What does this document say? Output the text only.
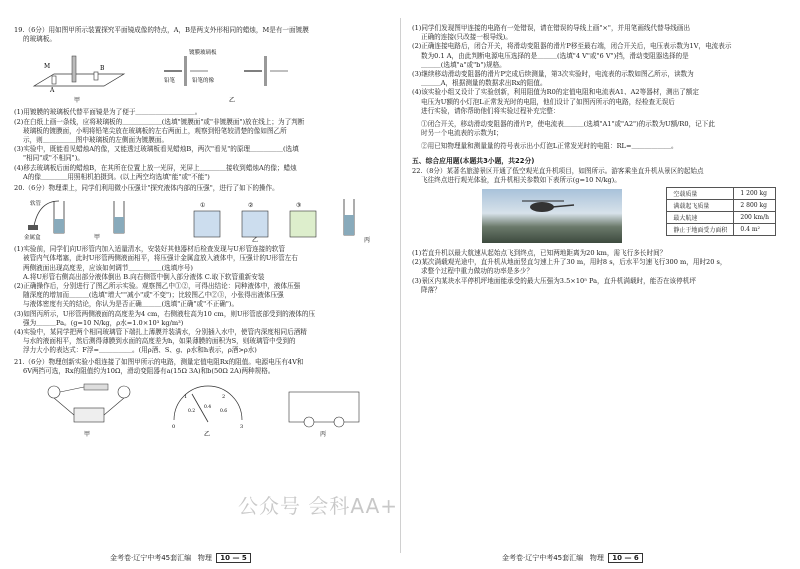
19.（6分）用如图甲所示装置探究平面镜成像的特点，A，B是两支外形相同的蜡烛，M是有一面镀膜

的玻璃板。

M
A
B
甲
镀膜玻璃板
铅笔	铅笔的像
乙

(1)用镀膜的玻璃板代替平面镜是为了便于＿＿＿＿＿＿＿＿＿。

(2)在白纸上画一条线，应将玻璃板的＿＿＿＿＿＿(选填"镀膜面"或"非镀膜面")放在线上；为了判断

玻璃板的镀膜面，小明将铅笔尖放在玻璃板的左右两面上，观察到铅笔较清楚的像如图乙所

示，则＿＿＿＿＿图中玻璃板的左侧面为镀膜面。

(3)实验中，既能看见蜡烛A的像，又能透过玻璃板看见蜡烛B，两次"看见"的原理＿＿＿＿＿(选填

"相同"或"不相同")。

(4)移去玻璃板后面的蜡烛B，在其所在位置上放一光屏，光屏上＿＿＿＿接收到蜡烛A的像；蜡烛

A的像＿＿＿＿用照相机拍摄到。(以上两空均选填"能"或"不能")

20.（6分）物理课上，同学们利用微小压强计"探究液体内部的压强"，进行了如下的操作。

软管
金属盒	甲
①	②	③
乙	丙

(1)实验前，同学们向U形管内加入适量清水，安装好其他器材后检查发现与U形管连接的软管

被管内气体堵塞，此时U形管两侧液面相平，将压强计金属盒放入液体中，压强计的U形管左右

两侧液面出现高度差，应该如何调节＿＿＿＿＿(选填序号)

A.将U形管右侧高出部分液体倒出 B.向右侧管中倒入部分液体 C.取下软管重新安装

(2)正确操作后，分别进行了图乙所示实验。观察图乙中①②，可得出结论：同种液体中，液体压强

随深度的增加而＿＿＿(选填"增大""减小"或"不变")；比较图乙中②③，小张得出液体压强

与液体密度有关的结论，你认为是否正确＿＿＿(选填"正确"或"不正确")。

(3)如图丙所示，U形管两侧液面的高度差为4 cm，右侧液柱高为10 cm，则U形管底部受到的液体的压

强为＿＿＿Pa。(g=10 N/kg，ρ水=1.0×10³ kg/m³)

(4)实验中，某同学把两个相同玻璃管下端扎上薄膜并装满水，分别插入水中，使管内深度相同后酒精

与水的液面相平，然后测得薄膜到水面的高度差为h，如果薄膜的面积为S，则玻璃管中受到的

浮力大小的表达式：F浮=＿＿＿＿＿。(用ρ酒、S、g、ρ水和h表示，ρ酒>ρ水)

21.（6分）物理创新实验小组连接了如图甲所示的电路，测量定值电阻Rx的阻值。电源电压有4V和

6V两挡可选，Rx的阻值约为10Ω，滑动变阻器有a(15Ω 3A)和b(50Ω 2A)两种规格。

甲
0
1	2
3
0.2
0.4
0.6
乙	丙
金考卷·辽宁中考45套汇编 物理 10 — 5

(1)同学们发现图甲连接的电路有一处错误，请在错误的导线上画"×"，并用笔画线代替导线画出

正确的连接(只改接一根导线)。

(2)正确连接电路后，闭合开关，将滑动变阻器的滑片P移至最右端，闭合开关后，电压表示数为1V，电流表示

数为0.1 A，由此判断电源电压选择的是＿＿＿(选填"4 V"或"6 V")挡，滑动变阻器选择的是

＿＿＿(选填"a"或"b")规格。

(3)继续移动滑动变阻器的滑片P完成后续测量，第3次实验时，电流表的示数如图乙所示，读数为

＿＿＿A，根据测量的数据求出Rx的阻值。

(4)该实验小组又设计了实验创新，利用阻值为R0的定值电阻和电流表A1、A2等器材，测出了额定

电压为U额的小灯泡L正常发光时的电阻，他们设计了如图丙所示的电路，经检查无误后

进行实验，请你帮助他们将实验过程补充完整：

①闭合开关，移动滑动变阻器的滑片P，使电流表＿＿＿(选填"A1"或"A2")的示数为U额/R0，记下此

时另一个电流表的示数为I；

②用已知物理量和测量量的符号表示出小灯泡L正常发光时的电阻：RL=＿＿＿＿＿＿。

五、综合应用题(本题共3小题，共22分)

22.（8分）某著名旅游景区开通了低空观光直升机项目，如图所示。游客乘坐直升机从景区的起始点

飞往终点进行观光体验，直升机相关参数如下表所示(g=10 N/kg)。

空载质量	1 200 kg
满载起飞质量	2 800 kg
最大航速	200 km/h
静止于地面受力面积	0.4 m²

(1)若直升机以最大航速从起始点飞到终点，已知两地距离为20 km，需飞行多长时间？

(2)某次满载观光途中，直升机从地面竖直匀速上升了30 m，用时8 s，后水平匀速飞行300 m，用时20 s，

求整个过程中重力做功的功率是多少？

(3)景区内某块水平停机坪地面能承受的最大压强为3.5×10⁵ Pa，直升机满载时，能否在该停机坪

降落？

金考卷·辽宁中考45套汇编 物理 10 — 6
公众号 会科AA+
